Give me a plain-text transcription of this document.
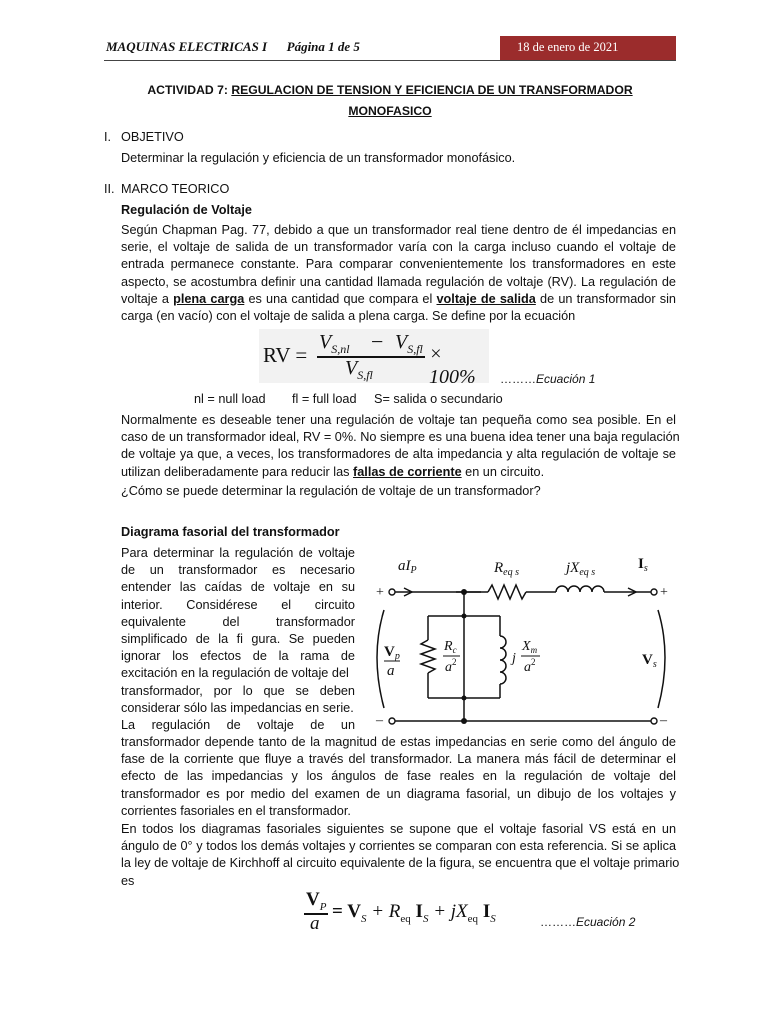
MAQUINAS ELECTRICAS I Página 1 de 5	18 de enero de 2021
ACTIVIDAD 7: REGULACION DE TENSION Y EFICIENCIA DE UN TRANSFORMADOR
MONOFASICO
I. OBJETIVO
Determinar la regulación y eficiencia de un transformador monofásico.
II. MARCO TEORICO
Regulación de Voltaje
Según Chapman Pag. 77, debido a que un transformador real tiene dentro de él impedancias en
serie, el voltaje de salida de un transformador varía con la carga incluso cuando el voltaje de
entrada permanece constante. Para comparar convenientemente los transformadores en este
aspecto, se acostumbra definir una cantidad llamada regulación de voltaje (RV). La regulación de
voltaje a plena carga es una cantidad que compara el voltaje de salida de un transformador sin
carga (en vacío) con el voltaje de salida a plena carga. Se define por la ecuación
RV =
$V_{S,nl} - V_{S,fl}$
$V_{S,fl}$
× 100%	………Ecuación 1
nl = null load fl = full load S= salida o secundario
Normalmente es deseable tener una regulación de voltaje tan pequeña como sea posible. En el
caso de un transformador ideal, RV = 0%. No siempre es una buena idea tener una baja regulación
de voltaje ya que, a veces, los transformadores de alta impedancia y alta regulación de voltaje se
utilizan deliberadamente para reducir las fallas de corriente en un circuito.
¿Cómo se puede determinar la regulación de voltaje de un transformador?
Diagrama fasorial del transformador
Para determinar la regulación de voltaje
de un transformador es necesario
entender las caídas de voltaje en su
interior. Considérese el circuito
equivalente del transformador
simplificado de la fi gura. Se pueden
ignorar los efectos de la rama de
excitación en la regulación de voltaje del
transformador, por lo que se deben
considerar sólo las impedancias en serie.
La regulación de voltaje de un
transformador depende tanto de la magnitud de estas impedancias en serie como del ángulo de
fase de la corriente que fluye a través del transformador. La manera más fácil de determinar el
efecto de las impedancias y los ángulos de fase reales en la regulación de voltaje del
transformador es por medio del examen de un diagrama fasorial, un dibujo de los voltajes y
corrientes fasoriales en el transformador.
En todos los diagramas fasoriales siguientes se supone que el voltaje fasorial VS está en un
ángulo de 0° y todos los demás voltajes y corrientes se comparan con esta referencia. Si se aplica
la ley de voltaje de Kirchhoff al circuito equivalente de la figura, se encuentra que el voltaje primario
es
$V_P$
a
= $V_S + R_{eq}$ $I_S + jX_{eq}$ $I_S$	………Ecuación 2
$aI_P$	$R_{eq s}$	$jX_{eq s}$
$I_s$
+	+
–	–
$V_p$
a
$R_c$
$a^2$	j
$X_m$
$a^2$	$V_s$
